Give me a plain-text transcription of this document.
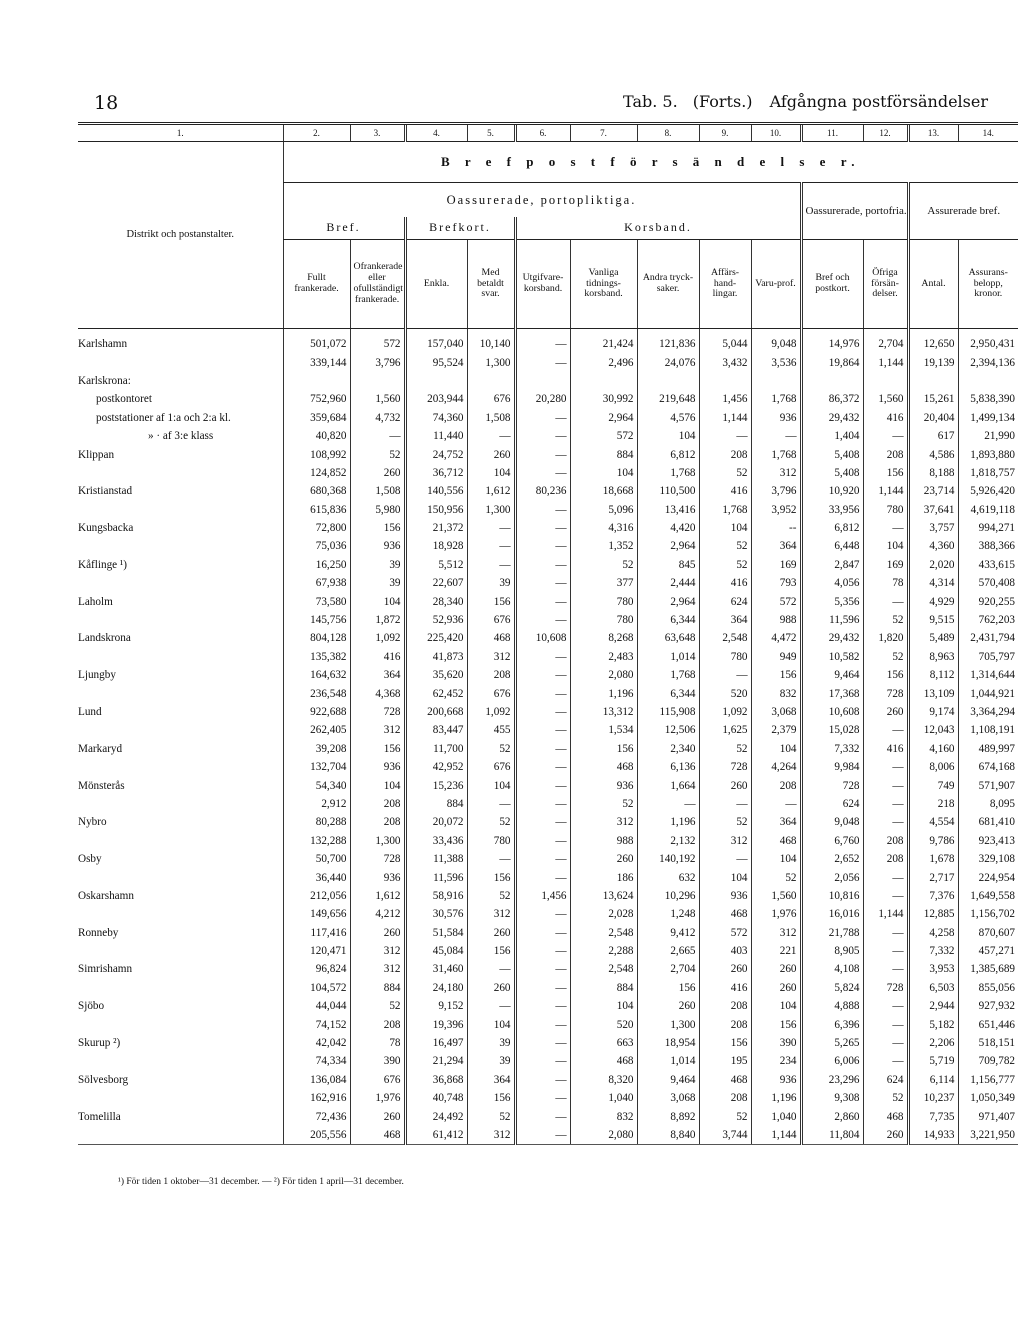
18	Tab. 5. (Forts.) Afgångna postförsändelser
1.	2.	3.	4.	5.	6.	7.	8.	9.	10.	11.	12.	13.	14.
Distrikt och postanstalter.	B r e f p o s t f ö r s ä n d e l s e r.												
	Oassurerade, portopliktiga.									Oassurerade, portofria.		Assurerade bref.	
	Bref.		Brefkort.		Korsband.								
	Fullt frankerade.	Ofrankerade eller ofullständigt frankerade.	Enkla.	Med betaldt svar.	Utgifvare-korsband.	Vanliga tidnings-korsband.	Andra tryck-saker.	Affärs-hand-lingar.	Varu-prof.	Bref och postkort.	Öfriga försän-delser.	Antal.	Assurans-belopp, kronor.
Karlshamn	501,072	572	157,040	10,140	—	21,424	121,836	5,044	9,048	14,976	2,704	12,650	2,950,431
	339,144	3,796	95,524	1,300	—	2,496	24,076	3,432	3,536	19,864	1,144	19,139	2,394,136
Karlskrona:													
postkontoret	752,960	1,560	203,944	676	20,280	30,992	219,648	1,456	1,768	86,372	1,560	15,261	5,838,390
poststationer af 1:a och 2:a kl.	359,684	4,732	74,360	1,508	—	2,964	4,576	1,144	936	29,432	416	20,404	1,499,134
» · af 3:e klass	40,820	—	11,440	—	—	572	104	—	—	1,404	—	617	21,990
Klippan	108,992	52	24,752	260	—	884	6,812	208	1,768	5,408	208	4,586	1,893,880
	124,852	260	36,712	104	—	104	1,768	52	312	5,408	156	8,188	1,818,757
Kristianstad	680,368	1,508	140,556	1,612	80,236	18,668	110,500	416	3,796	10,920	1,144	23,714	5,926,420
	615,836	5,980	150,956	1,300	—	5,096	13,416	1,768	3,952	33,956	780	37,641	4,619,118
Kungsbacka	72,800	156	21,372	—	—	4,316	4,420	104	--	6,812	—	3,757	994,271
	75,036	936	18,928	—	—	1,352	2,964	52	364	6,448	104	4,360	388,366
Kåflinge ¹)	16,250	39	5,512	—	—	52	845	52	169	2,847	169	2,020	433,615
	67,938	39	22,607	39	—	377	2,444	416	793	4,056	78	4,314	570,408
Laholm	73,580	104	28,340	156	—	780	2,964	624	572	5,356	—	4,929	920,255
	145,756	1,872	52,936	676	—	780	6,344	364	988	11,596	52	9,515	762,203
Landskrona	804,128	1,092	225,420	468	10,608	8,268	63,648	2,548	4,472	29,432	1,820	5,489	2,431,794
	135,382	416	41,873	312	—	2,483	1,014	780	949	10,582	52	8,963	705,797
Ljungby	164,632	364	35,620	208	—	2,080	1,768	—	156	9,464	156	8,112	1,314,644
	236,548	4,368	62,452	676	—	1,196	6,344	520	832	17,368	728	13,109	1,044,921
Lund	922,688	728	200,668	1,092	—	13,312	115,908	1,092	3,068	10,608	260	9,174	3,364,294
	262,405	312	83,447	455	—	1,534	12,506	1,625	2,379	15,028	—	12,043	1,108,191
Markaryd	39,208	156	11,700	52	—	156	2,340	52	104	7,332	416	4,160	489,997
	132,704	936	42,952	676	—	468	6,136	728	4,264	9,984	—	8,006	674,168
Mönsterås	54,340	104	15,236	104	—	936	1,664	260	208	728	—	749	571,907
	2,912	208	884	—	—	52	—	—	—	624	—	218	8,095
Nybro	80,288	208	20,072	52	—	312	1,196	52	364	9,048	—	4,554	681,410
	132,288	1,300	33,436	780	—	988	2,132	312	468	6,760	208	9,786	923,413
Osby	50,700	728	11,388	—	—	260	140,192	—	104	2,652	208	1,678	329,108
	36,440	936	11,596	156	—	186	632	104	52	2,056	—	2,717	224,954
Oskarshamn	212,056	1,612	58,916	52	1,456	13,624	10,296	936	1,560	10,816	—	7,376	1,649,558
	149,656	4,212	30,576	312	—	2,028	1,248	468	1,976	16,016	1,144	12,885	1,156,702
Ronneby	117,416	260	51,584	260	—	2,548	9,412	572	312	21,788	—	4,258	870,607
	120,471	312	45,084	156	—	2,288	2,665	403	221	8,905	—	7,332	457,271
Simrishamn	96,824	312	31,460	—	—	2,548	2,704	260	260	4,108	—	3,953	1,385,689
	104,572	884	24,180	260	—	884	156	416	260	5,824	728	6,503	855,056
Sjöbo	44,044	52	9,152	—	—	104	260	208	104	4,888	—	2,944	927,932
	74,152	208	19,396	104	—	520	1,300	208	156	6,396	—	5,182	651,446
Skurup ²)	42,042	78	16,497	39	—	663	18,954	156	390	5,265	—	2,206	518,151
	74,334	390	21,294	39	—	468	1,014	195	234	6,006	—	5,719	709,782
Sölvesborg	136,084	676	36,868	364	—	8,320	9,464	468	936	23,296	624	6,114	1,156,777
	162,916	1,976	40,748	156	—	1,040	3,068	208	1,196	9,308	52	10,237	1,050,349
Tomelilla	72,436	260	24,492	52	—	832	8,892	52	1,040	2,860	468	7,735	971,407
	205,556	468	61,412	312	—	2,080	8,840	3,744	1,144	11,804	260	14,933	3,221,950
¹) För tiden 1 oktober—31 december. — ²) För tiden 1 april—31 december.
